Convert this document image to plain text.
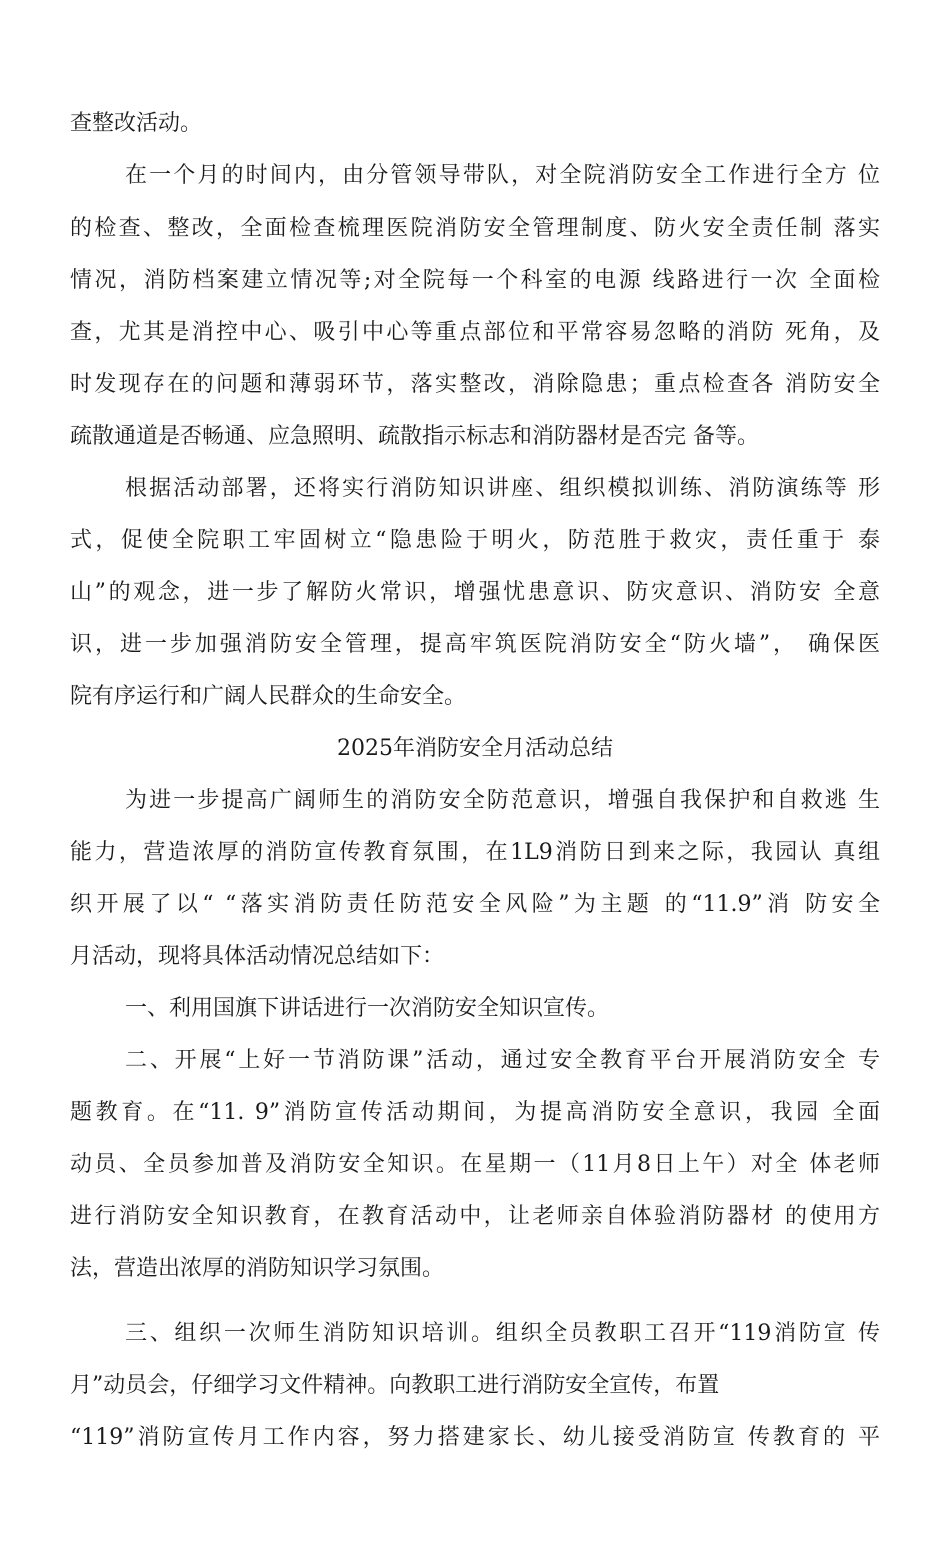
查整改活动。

在一个月的时间内，由分管领导带队，对全院消防安全工作进行全方 位

的检查、整改，全面检查梳理医院消防安全管理制度、防火安全责任制 落实

情况，消防档案建立情况等;对全院每一个科室的电源 线路进行一次 全面检

查，尤其是消控中心、吸引中心等重点部位和平常容易忽略的消防 死角，及

时发现存在的问题和薄弱环节，落实整改，消除隐患；重点检查各 消防安全

疏散通道是否畅通、应急照明、疏散指示标志和消防器材是否完 备等。

根据活动部署，还将实行消防知识讲座、组织模拟训练、消防演练等 形

式，促使全院职工牢固树立“隐患险于明火，防范胜于救灾，责任重于 泰

山”的观念，进一步了解防火常识，增强忧患意识、防灾意识、消防安 全意

识，进一步加强消防安全管理，提高牢筑医院消防安全“防火墙”， 确保医

院有序运行和广阔人民群众的生命安全。

2025年消防安全月活动总结

为进一步提高广阔师生的消防安全防范意识，增强自我保护和自救逃 生

能力，营造浓厚的消防宣传教育氛围，在1L9消防日到来之际，我园认 真组

织开展了以“ “落实消防责任防范安全风险”为主题 的“11.9”消 防安全

月活动，现将具体活动情况总结如下：

一、利用国旗下讲话进行一次消防安全知识宣传。

二、开展“上好一节消防课”活动，通过安全教育平台开展消防安全 专

题教育。在“11. 9”消防宣传活动期间，为提高消防安全意识，我园 全面

动员、全员参加普及消防安全知识。在星期一（11月8日上午）对全 体老师

进行消防安全知识教育，在教育活动中，让老师亲自体验消防器材 的使用方

法，营造出浓厚的消防知识学习氛围。

三、组织一次师生消防知识培训。组织全员教职工召开“119消防宣 传

月”动员会，仔细学习文件精神。向教职工进行消防安全宣传，布置

“119”消防宣传月工作内容，努力搭建家长、幼儿接受消防宣 传教育的 平
